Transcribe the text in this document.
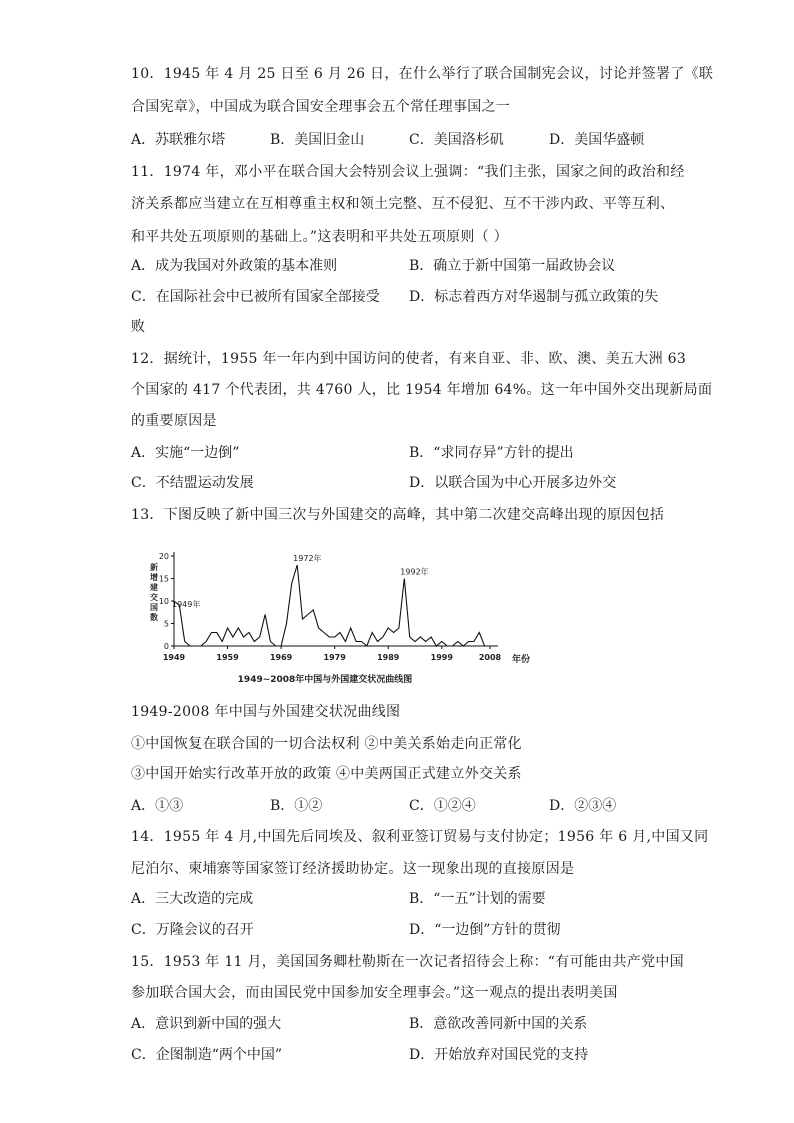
10．1945 年 4 月 25 日至 6 月 26 日，在什么举行了联合国制宪会议，讨论并签署了《联
合国宪章》，中国成为联合国安全理事会五个常任理事国之一
A．苏联雅尔塔	B．美国旧金山	C．美国洛杉矶	D．美国华盛顿
11．1974 年，邓小平在联合国大会特别会议上强调：“我们主张，国家之间的政治和经
济关系都应当建立在互相尊重主权和领土完整、互不侵犯、互不干涉内政、平等互利、
和平共处五项原则的基础上。”这表明和平共处五项原则（ ）
A．成为我国对外政策的基本准则	B．确立于新中国第一届政协会议
C．在国际社会中已被所有国家全部接受 D．标志着西方对华遏制与孤立政策的失
败
12．据统计，1955 年一年内到中国访问的使者，有来自亚、非、欧、澳、美五大洲 63
个国家的 417 个代表团，共 4760 人，比 1954 年增加 64%。这一年中国外交出现新局面
的重要原因是
A．实施“一边倒”	B．“求同存异”方针的提出
C．不结盟运动发展	D．以联合国为中心开展多边外交
13．下图反映了新中国三次与外国建交的高峰，其中第二次建交高峰出现的原因包括
0
5
10
15
20
1949	1959	1969	1979	1989	1999	2008
新增建交国数
年份
1949年
1972年
1992年
1949~2008年中国与外国建交状况曲线图
1949-2008 年中国与外国建交状况曲线图
①中国恢复在联合国的一切合法权利 ②中美关系始走向正常化
③中国开始实行改革开放的政策 ④中美两国正式建立外交关系
A．①③	B．①②	C．①②④	D．②③④
14．1955 年 4 月,中国先后同埃及、叙利亚签订贸易与支付协定；1956 年 6 月,中国又同
尼泊尔、柬埔寨等国家签订经济援助协定。这一现象出现的直接原因是
A．三大改造的完成	B．“一五”计划的需要
C．万隆会议的召开	D．“一边倒”方针的贯彻
15．1953 年 11 月，美国国务卿杜勒斯在一次记者招待会上称：“有可能由共产党中国
参加联合国大会，而由国民党中国参加安全理事会。”这一观点的提出表明美国
A．意识到新中国的强大	B．意欲改善同新中国的关系
C．企图制造“两个中国”	D．开始放弃对国民党的支持
